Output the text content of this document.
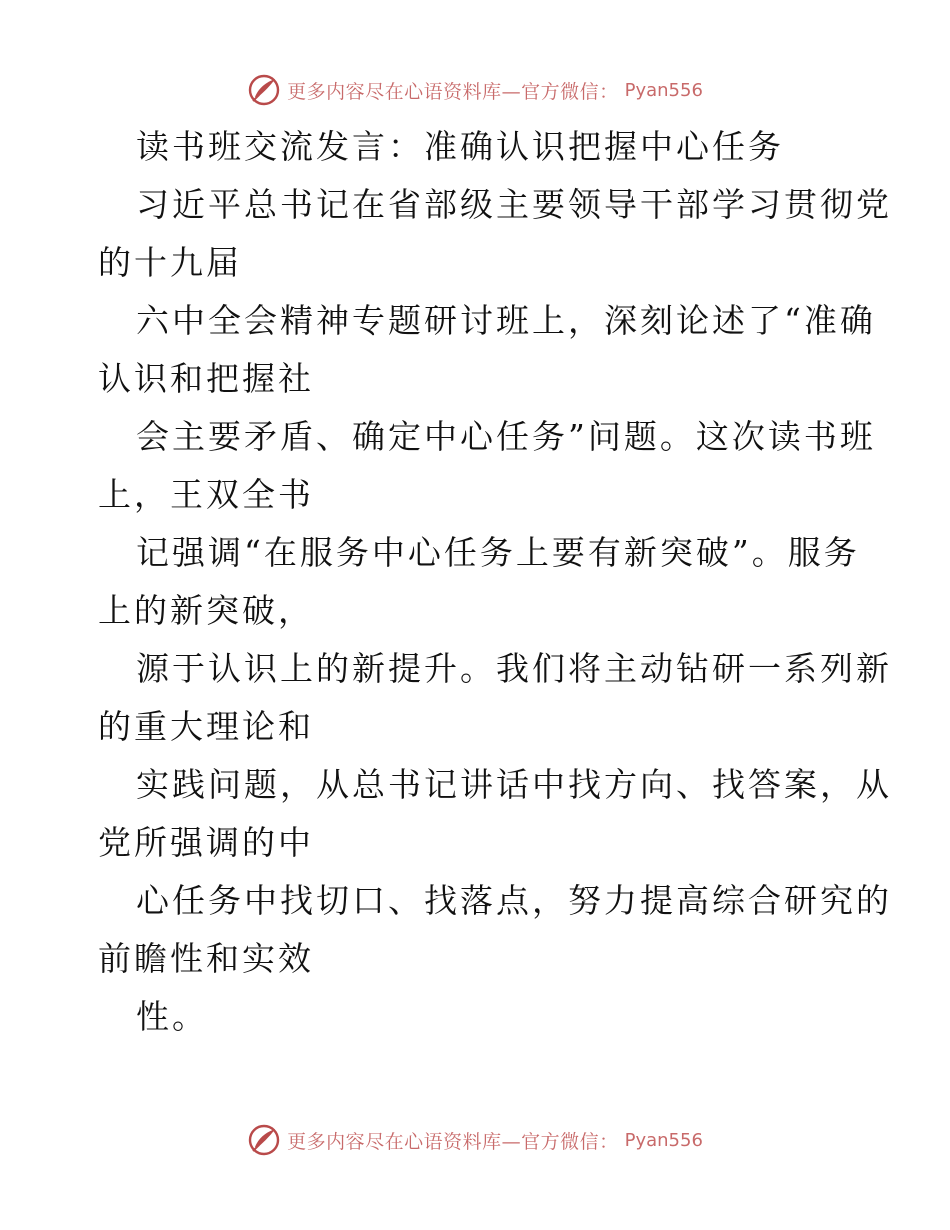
更多内容尽在心语资料库—官方微信： Pyan556
读书班交流发言：准确认识把握中心任务
习近平总书记在省部级主要领导干部学习贯彻党
的十九届
六中全会精神专题研讨班上，深刻论述了“准确
认识和把握社
会主要矛盾、确定中心任务”问题。这次读书班
上，王双全书
记强调“在服务中心任务上要有新突破”。服务
上的新突破，
源于认识上的新提升。我们将主动钻研一系列新
的重大理论和
实践问题，从总书记讲话中找方向、找答案，从
党所强调的中
心任务中找切口、找落点，努力提高综合研究的
前瞻性和实效
性。
更多内容尽在心语资料库—官方微信： Pyan556
